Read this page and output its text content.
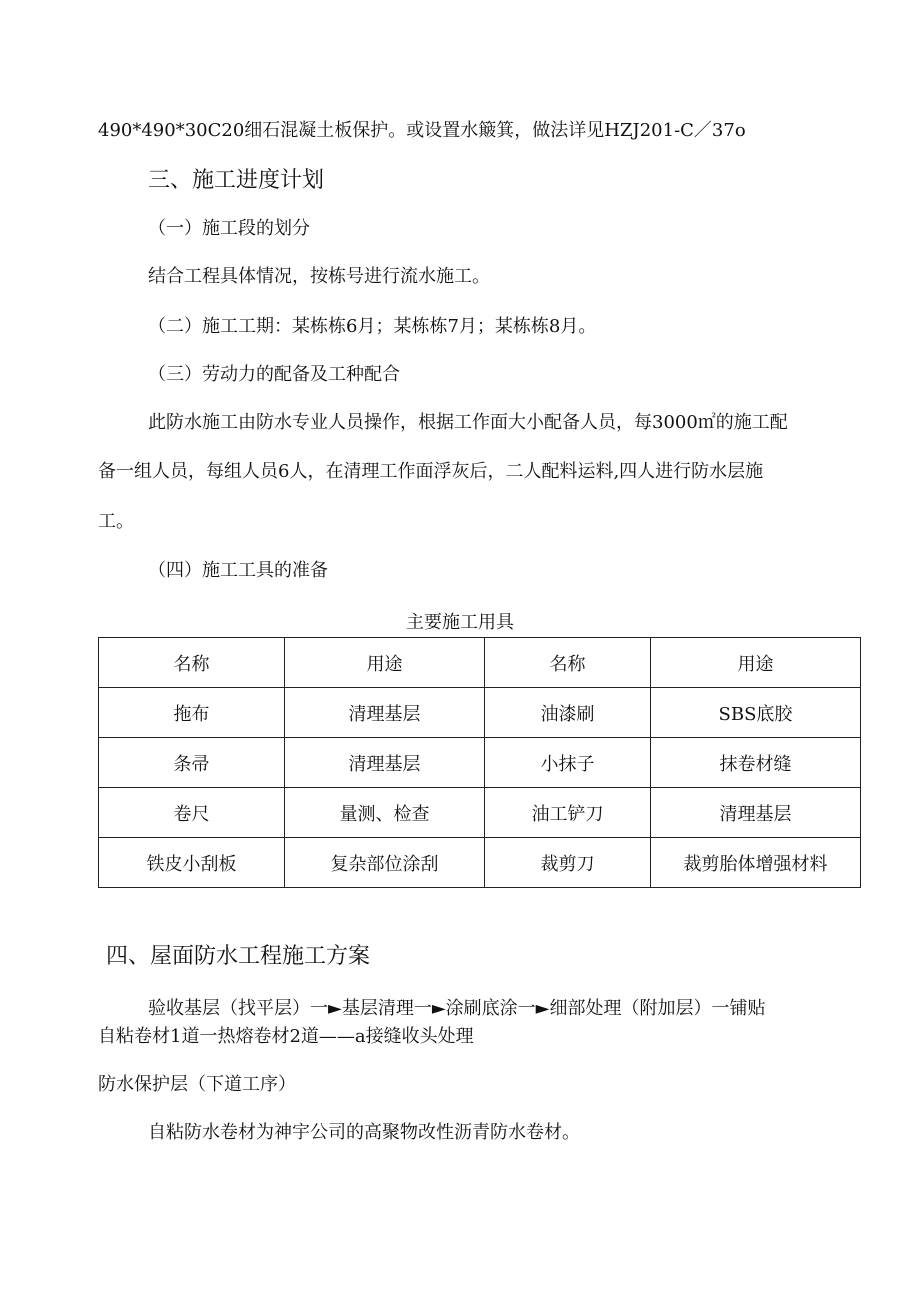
490*490*30C20细石混凝土板保护。或设置水簸箕，做法详见HZJ201-C／37o
三、施工进度计划
（一）施工段的划分
结合工程具体情况，按栋号进行流水施工。
（二）施工工期：某栋栋6月；某栋栋7月；某栋栋8月。
（三）劳动力的配备及工种配合
此防水施工由防水专业人员操作，根据工作面大小配备人员，每3000㎡的施工配
备一组人员，每组人员6人，在清理工作面浮灰后，二人配料运料,四人进行防水层施
工。
（四）施工工具的准备
主要施工用具
名称	用途	名称	用途
拖布	清理基层	油漆刷	SBS底胶
条帚	清理基层	小抹子	抹卷材缝
卷尺	量测、检查	油工铲刀	清理基层
铁皮小刮板	复杂部位涂刮	裁剪刀	裁剪胎体增强材料
四、屋面防水工程施工方案
验收基层（找平层）一►基层清理一►涂刷底涂一►细部处理（附加层）一铺贴
自粘卷材1道一热熔卷材2道——a接缝收头处理
防水保护层（下道工序）
自粘防水卷材为神宇公司的高聚物改性沥青防水卷材。
